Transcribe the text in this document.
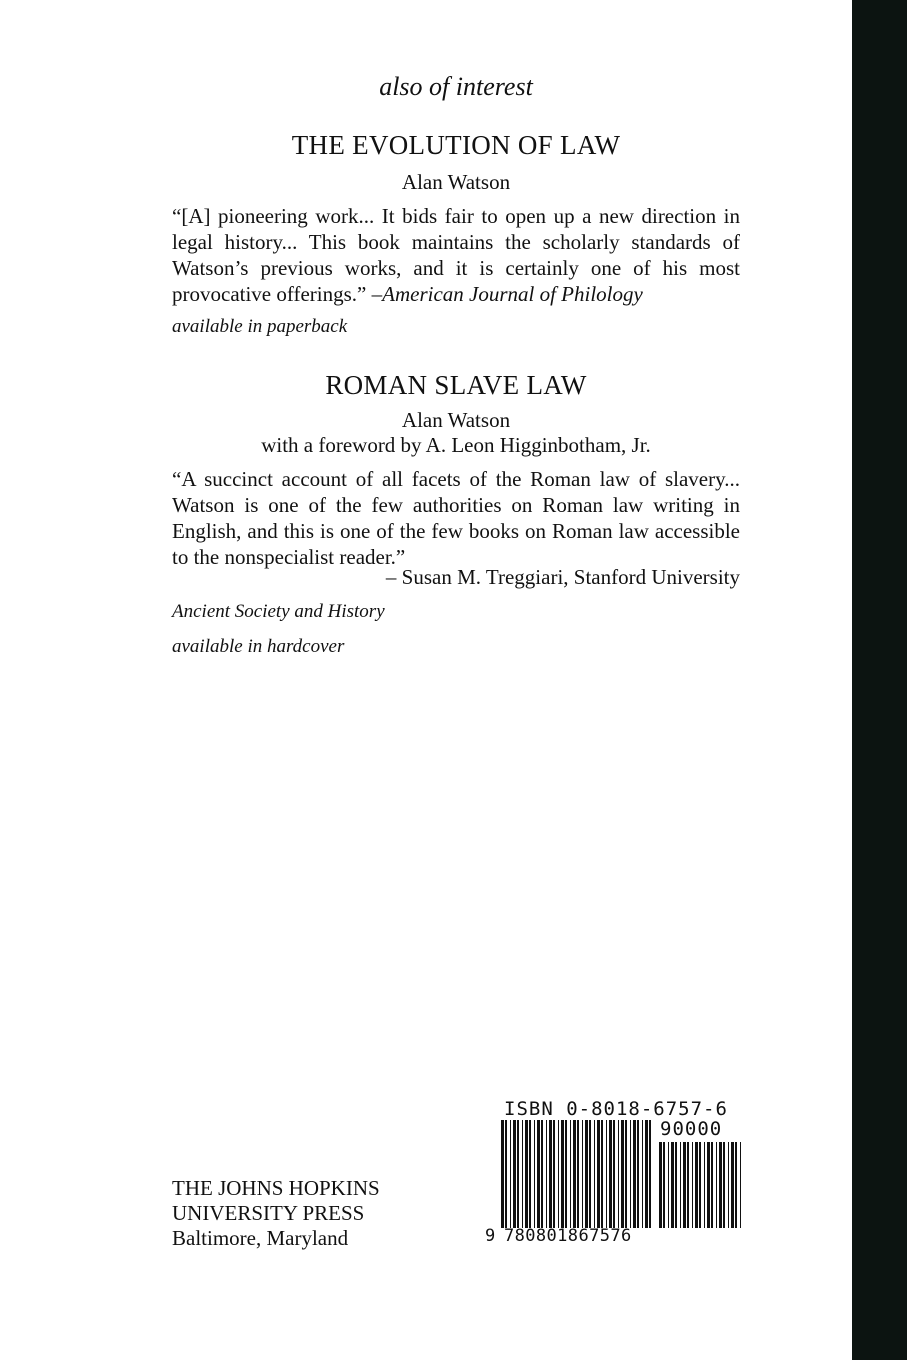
also of interest
THE EVOLUTION OF LAW
Alan Watson
“[A] pioneering work... It bids fair to open up a new direction in legal history... This book maintains the scholarly standards of Watson’s previous works, and it is certainly one of his most provocative offerings.” –American Journal of Philology
available in paperback
ROMAN SLAVE LAW
Alan Watson
with a foreword by A. Leon Higginbotham, Jr.
“A succinct account of all facets of the Roman law of slavery... Watson is one of the few authorities on Roman law writing in English, and this is one of the few books on Roman law accessible to the nonspecialist reader.”
– Susan M. Treggiari, Stanford University
Ancient Society and History
available in hardcover
THE JOHNS HOPKINS
UNIVERSITY PRESS
Baltimore, Maryland
ISBN 0-8018-6757-6
90000
9 780801867576
